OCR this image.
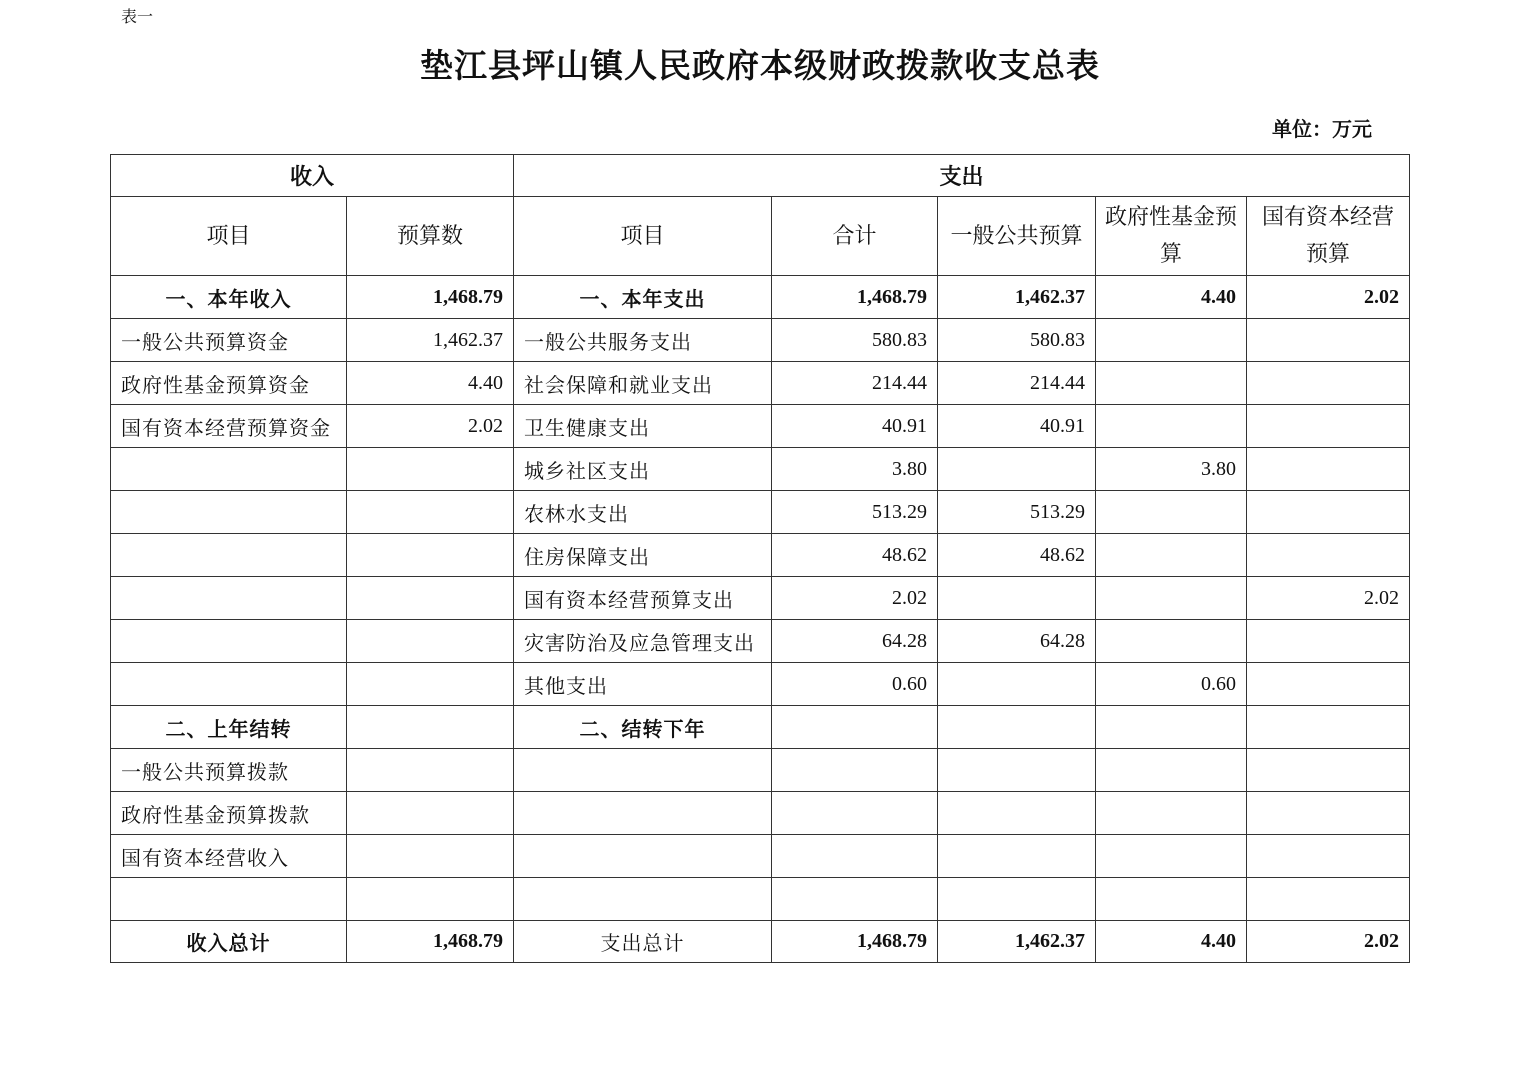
表一
垫江县坪山镇人民政府本级财政拨款收支总表
单位：万元
收入		支出				
项目	预算数	项目	合计	一般公共预算	政府性基金预算	国有资本经营预算
一、本年收入	1,468.79	一、本年支出	1,468.79	1,462.37	4.40	2.02
一般公共预算资金	1,462.37	一般公共服务支出	580.83	580.83		
政府性基金预算资金	4.40	社会保障和就业支出	214.44	214.44		
国有资本经营预算资金	2.02	卫生健康支出	40.91	40.91		
		城乡社区支出	3.80		3.80	
		农林水支出	513.29	513.29		
		住房保障支出	48.62	48.62		
		国有资本经营预算支出	2.02			2.02
		灾害防治及应急管理支出	64.28	64.28		
		其他支出	0.60		0.60	
二、上年结转		二、结转下年				
一般公共预算拨款						
政府性基金预算拨款						
国有资本经营收入						

收入总计	1,468.79	支出总计	1,468.79	1,462.37	4.40	2.02
